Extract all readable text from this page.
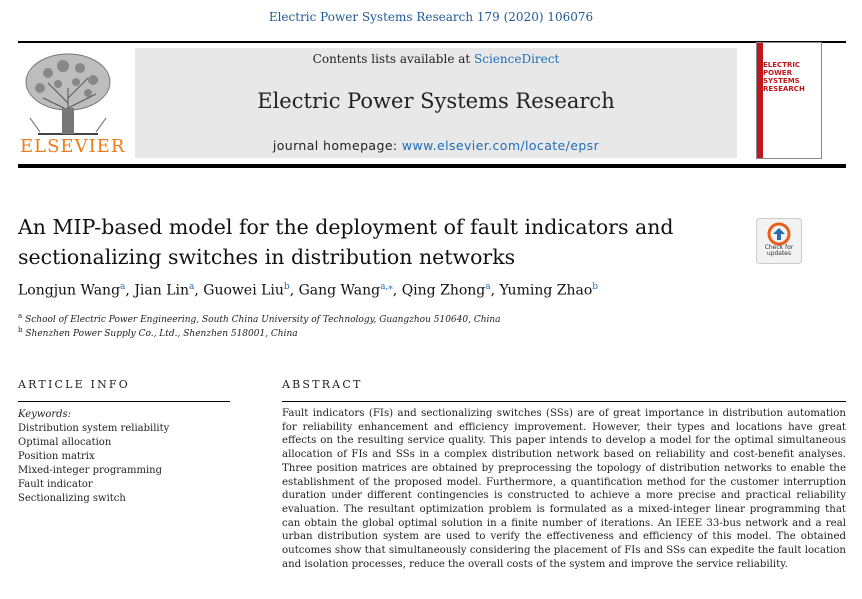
Electric Power Systems Research 179 (2020) 106076
ELSEVIER
Contents lists available at ScienceDirect
Electric Power Systems Research
journal homepage: www.elsevier.com/locate/epsr
ELECTRIC POWER SYSTEMS RESEARCH
An MIP-based model for the deployment of fault indicators and sectionalizing switches in distribution networks	Check for updates
Longjun Wang$^a$, Jian Lin$^a$, Guowei Liu$^b$, Gang Wang$^{a,⁎}$, Qing Zhong$^a$, Yuming Zhao$^b$
$^a$ School of Electric Power Engineering, South China University of Technology, Guangzhou 510640, China
$^b$ Shenzhen Power Supply Co., Ltd., Shenzhen 518001, China
ARTICLE INFO	ABSTRACT
Keywords:
Distribution system reliability
Optimal allocation
Position matrix
Mixed-integer programming
Fault indicator
Sectionalizing switch
Fault indicators (FIs) and sectionalizing switches (SSs) are of great importance in distribution automation for reliability enhancement and efficiency improvement. However, their types and locations have great effects on the resulting service quality. This paper intends to develop a model for the optimal simultaneous allocation of FIs and SSs in a complex distribution network based on reliability and cost-benefit analyses. Three position matrices are obtained by preprocessing the topology of distribution networks to enable the establishment of the proposed model. Furthermore, a quantification method for the customer interruption duration under different contingencies is constructed to achieve a more precise and practical reliability evaluation. The resultant optimization problem is formulated as a mixed-integer linear programming that can obtain the global optimal solution in a finite number of iterations. An IEEE 33-bus network and a real urban distribution system are used to verify the effectiveness and efficiency of this model. The obtained outcomes show that simultaneously considering the placement of FIs and SSs can expedite the fault location and isolation processes, reduce the overall costs of the system and improve the service reliability.
